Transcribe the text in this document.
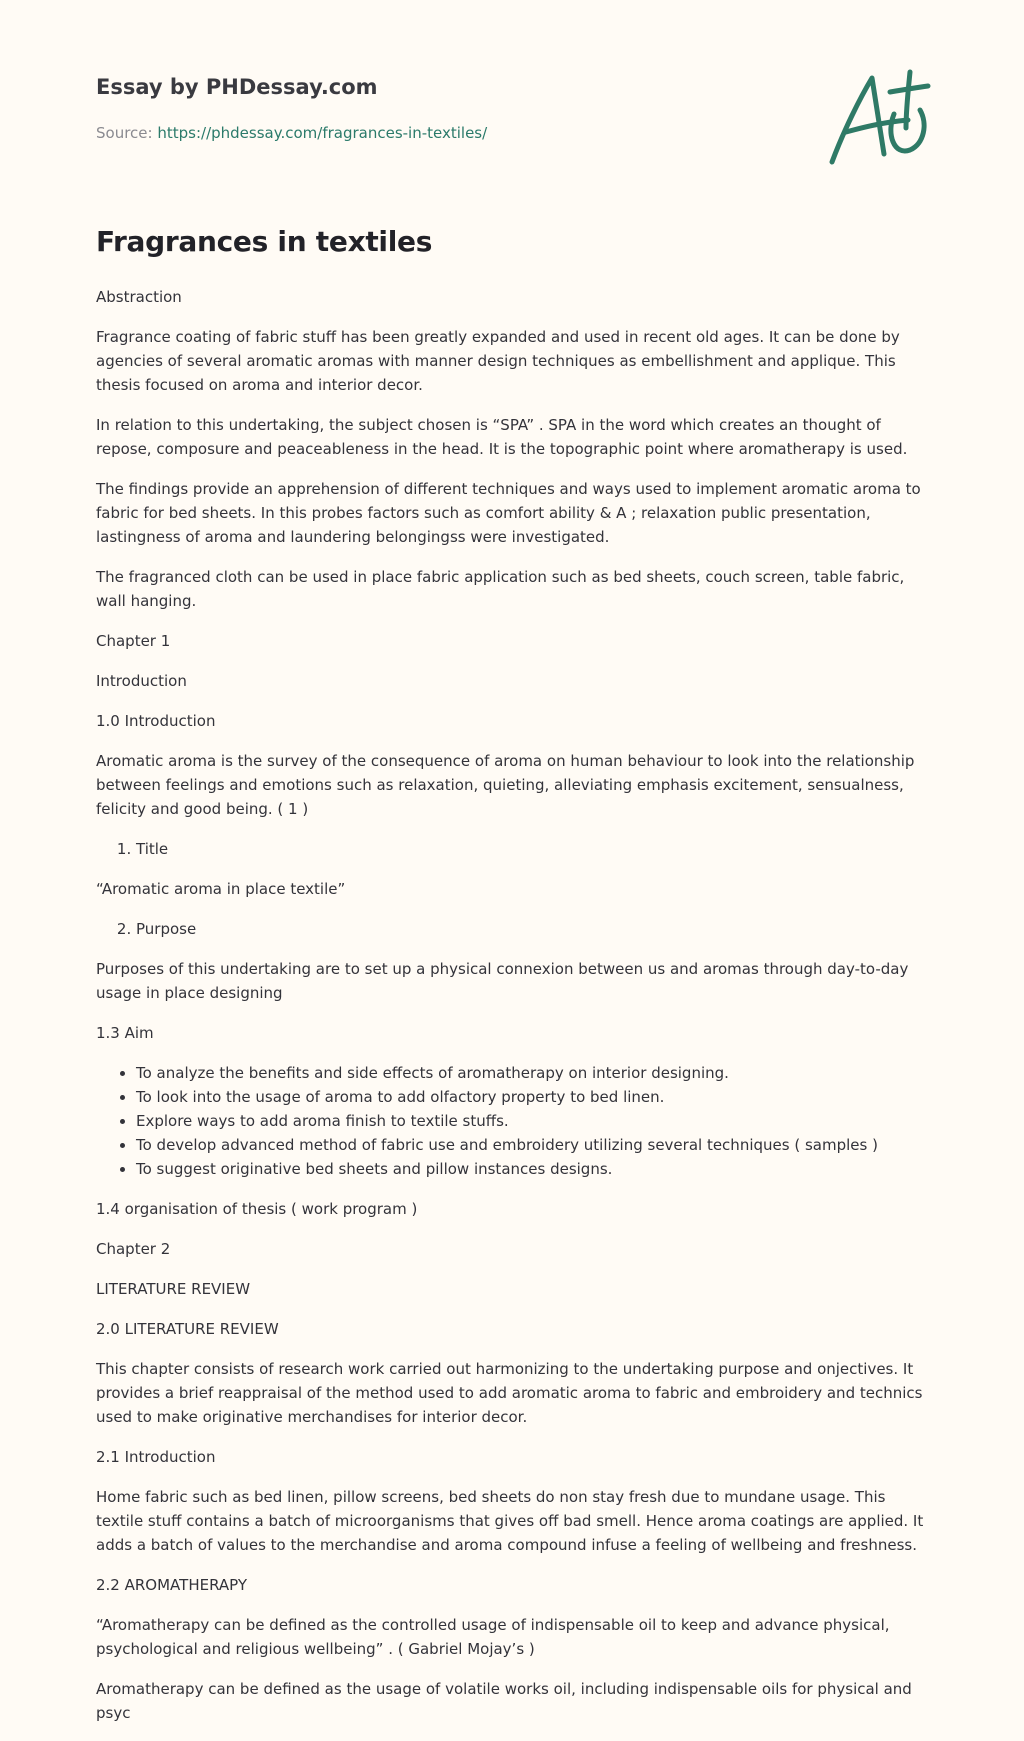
Essay by PHDessay.com
Source: https://phdessay.com/fragrances-in-textiles/
Fragrances in textiles

Abstraction

Fragrance coating of fabric stuff has been greatly expanded and used in recent old ages. It can be done by agencies of several aromatic aromas with manner design techniques as embellishment and applique. This thesis focused on aroma and interior decor.

In relation to this undertaking, the subject chosen is “SPA” . SPA in the word which creates an thought of repose, composure and peaceableness in the head. It is the topographic point where aromatherapy is used.

The findings provide an apprehension of different techniques and ways used to implement aromatic aroma to fabric for bed sheets. In this probes factors such as comfort ability & A ; relaxation public presentation, lastingness of aroma and laundering belongingss were investigated.

The fragranced cloth can be used in place fabric application such as bed sheets, couch screen, table fabric, wall hanging.

Chapter 1

Introduction

1.0 Introduction

Aromatic aroma is the survey of the consequence of aroma on human behaviour to look into the relationship between feelings and emotions such as relaxation, quieting, alleviating emphasis excitement, sensualness, felicity and good being. ( 1 )

1. Title

“Aromatic aroma in place textile”

2. Purpose

Purposes of this undertaking are to set up a physical connexion between us and aromas through day-to-day usage in place designing

1.3 Aim

• To analyze the benefits and side effects of aromatherapy on interior designing.
• To look into the usage of aroma to add olfactory property to bed linen.
• Explore ways to add aroma finish to textile stuffs.
• To develop advanced method of fabric use and embroidery utilizing several techniques ( samples )
• To suggest originative bed sheets and pillow instances designs.

1.4 organisation of thesis ( work program )

Chapter 2

LITERATURE REVIEW

2.0 LITERATURE REVIEW

This chapter consists of research work carried out harmonizing to the undertaking purpose and onjectives. It provides a brief reappraisal of the method used to add aromatic aroma to fabric and embroidery and technics used to make originative merchandises for interior decor.

2.1 Introduction

Home fabric such as bed linen, pillow screens, bed sheets do non stay fresh due to mundane usage. This textile stuff contains a batch of microorganisms that gives off bad smell. Hence aroma coatings are applied. It adds a batch of values to the merchandise and aroma compound infuse a feeling of wellbeing and freshness.

2.2 AROMATHERAPY

“Aromatherapy can be defined as the controlled usage of indispensable oil to keep and advance physical, psychological and religious wellbeing” . ( Gabriel Mojay’s )

Aromatherapy can be defined as the usage of volatile works oil, including indispensable oils for physical and psyc
